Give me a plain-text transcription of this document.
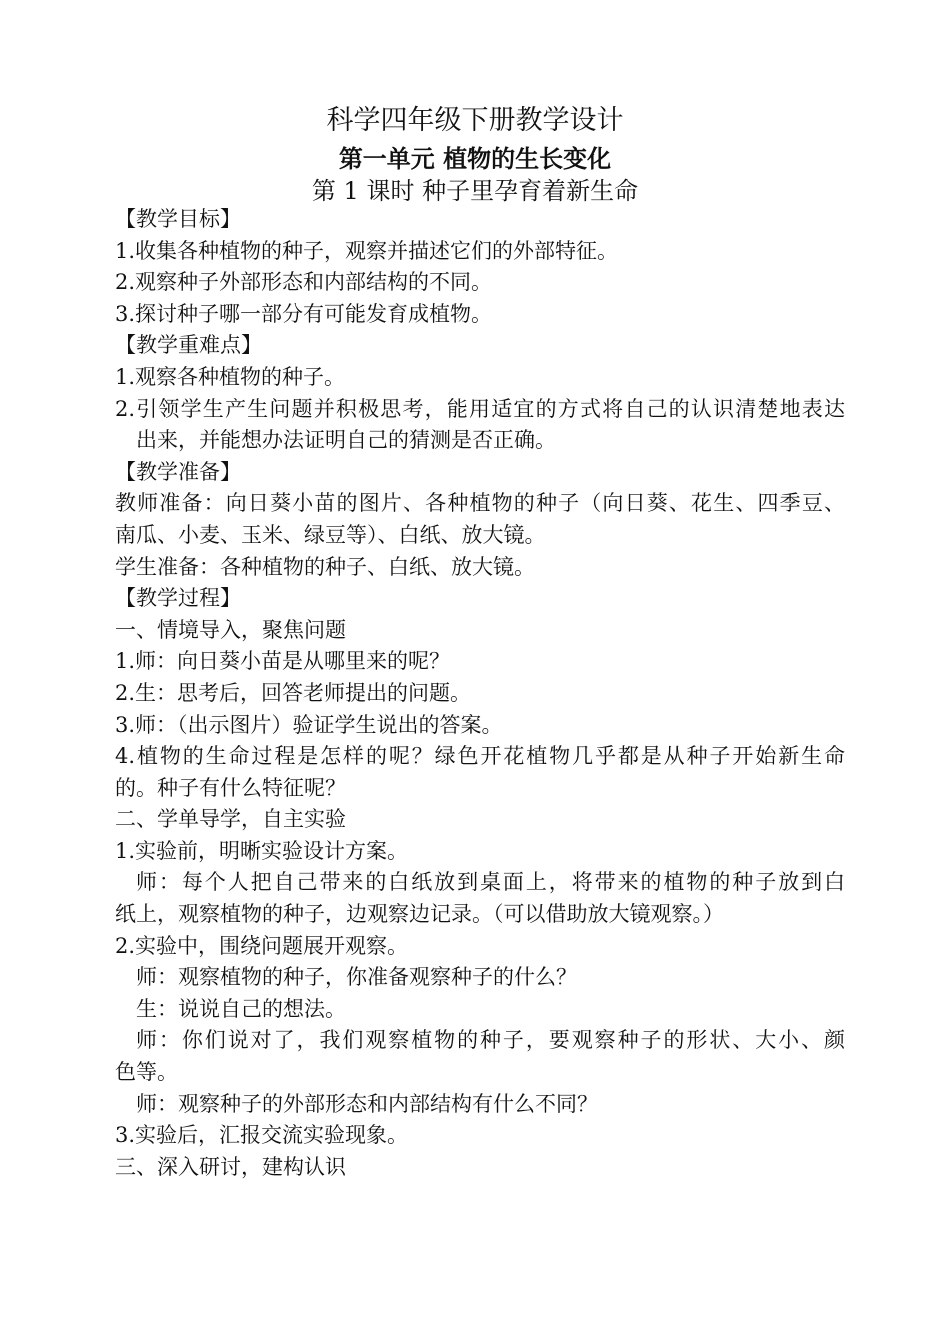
科学四年级下册教学设计
第一单元 植物的生长变化
第 1 课时 种子里孕育着新生命
【教学目标】
1.收集各种植物的种子，观察并描述它们的外部特征。
2.观察种子外部形态和内部结构的不同。
3.探讨种子哪一部分有可能发育成植物。
【教学重难点】
1.观察各种植物的种子。
2.引领学生产生问题并积极思考，能用适宜的方式将自己的认识清楚地表达
出来，并能想办法证明自己的猜测是否正确。
【教学准备】
教师准备：向日葵小苗的图片、各种植物的种子（向日葵、花生、四季豆、
南瓜、小麦、玉米、绿豆等）、白纸、放大镜。
学生准备：各种植物的种子、白纸、放大镜。
【教学过程】
一、情境导入，聚焦问题
1.师：向日葵小苗是从哪里来的呢？
2.生：思考后，回答老师提出的问题。
3.师：（出示图片）验证学生说出的答案。
4.植物的生命过程是怎样的呢？绿色开花植物几乎都是从种子开始新生命
的。种子有什么特征呢？
二、学单导学，自主实验
1.实验前，明晰实验设计方案。
师：每个人把自己带来的白纸放到桌面上，将带来的植物的种子放到白
纸上，观察植物的种子，边观察边记录。（可以借助放大镜观察。）
2.实验中，围绕问题展开观察。
师：观察植物的种子，你准备观察种子的什么？
生：说说自己的想法。
师：你们说对了，我们观察植物的种子，要观察种子的形状、大小、颜
色等。
师：观察种子的外部形态和内部结构有什么不同？
3.实验后，汇报交流实验现象。
三、深入研讨，建构认识
